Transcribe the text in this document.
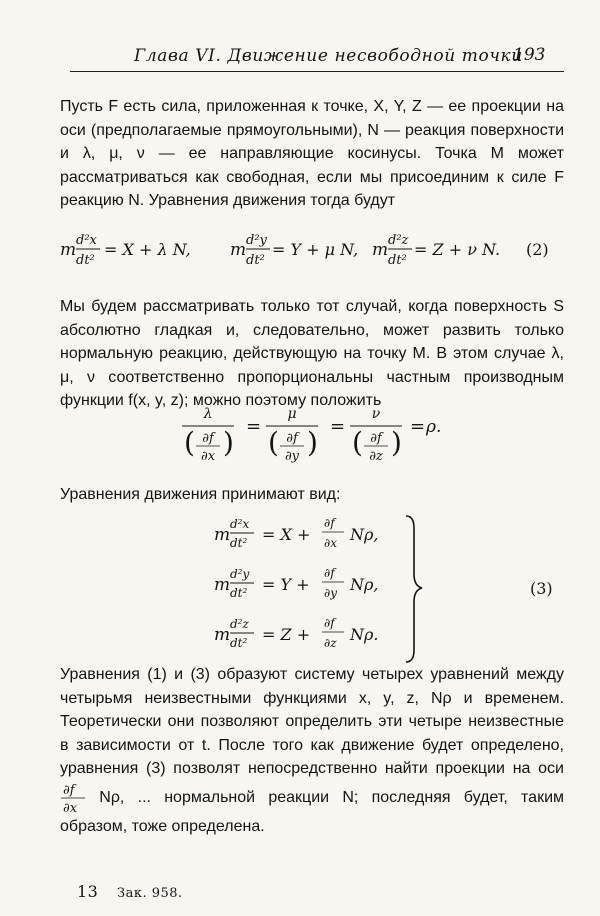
Глава VI. Движение несвободной точки
193
Пусть F есть сила, приложенная к точке, X, Y, Z — ее проекции на оси (предполагаемые прямоугольными), N — реакция поверхности и λ, μ, ν — ее направляющие косинусы. Точка M может рассматриваться как свободная, если мы присоединим к силе F реакцию N. Уравнения движения тогда будут
m d²x
dt²
= X + λ N, m d²y
dt²
= Y + μ N, m d²z
dt²
= Z + ν N. (2)
Мы будем рассматривать только тот случай, когда поверхность S абсолютно гладкая и, следовательно, может развить только нормальную реакцию, действующую на точку M. В этом случае λ, μ, ν соответственно пропорциональны частным производным функции f(x, y, z); можно поэтому положить
λ
( ∂f
∂x ) =
μ
( ∂f
∂y ) =
ν
( ∂f
∂z ) = ρ.
Уравнения движения принимают вид:
m
d²x
dt² = X +
∂f
∂x Nρ,
m
d²y
dt² = Y +
∂f
∂y Nρ,
m
d²z
dt² = Z +
∂f
∂z Nρ.
(3)
Уравнения (1) и (3) образуют систему четырех уравнений между четырьмя неизвестными функциями x, y, z, Nρ и временем. Теоретически они позволяют определить эти четыре неизвестные в зависимости от t. После того как движение будет определено, уравнения (3) позволят непосредственно найти проекции на оси
∂f
∂x
Nρ, ... нормальной реакции N; последняя будет, таким образом, тоже определена.
13 Зак. 958.
